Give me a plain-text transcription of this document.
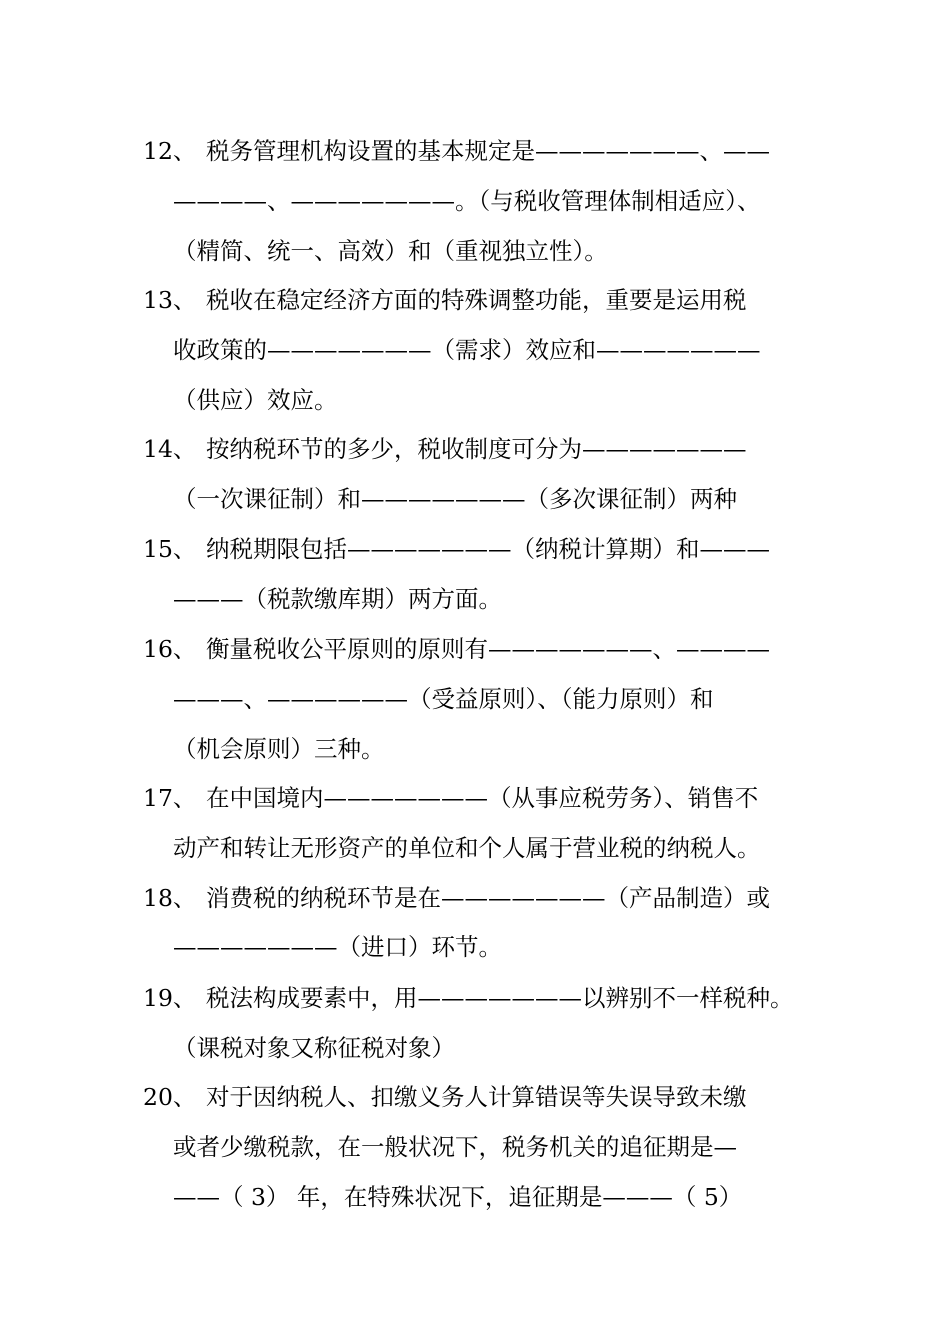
12、 税务管理机构设置的基本规定是———————、——
————、———————。（与税收管理体制相适应）、
（精简、统一、高效）和（重视独立性）。
13、 税收在稳定经济方面的特殊调整功能，重要是运用税
收政策的———————（需求）效应和———————
（供应）效应。
14、 按纳税环节的多少，税收制度可分为———————
（一次课征制）和———————（多次课征制）两种
15、 纳税期限包括———————（纳税计算期）和———
———（税款缴库期）两方面。
16、 衡量税收公平原则的原则有———————、————
———、——————（受益原则）、（能力原则）和
（机会原则）三种。
17、 在中国境内———————（从事应税劳务）、销售不
动产和转让无形资产的单位和个人属于营业税的纳税人。
18、 消费税的纳税环节是在———————（产品制造）或
———————（进口）环节。
19、 税法构成要素中，用———————以辨别不一样税种。
（课税对象又称征税对象）
20、 对于因纳税人、扣缴义务人计算错误等失误导致未缴
或者少缴税款，在一般状况下，税务机关的追征期是—
——（ 3） 年，在特殊状况下，追征期是———（ 5）
